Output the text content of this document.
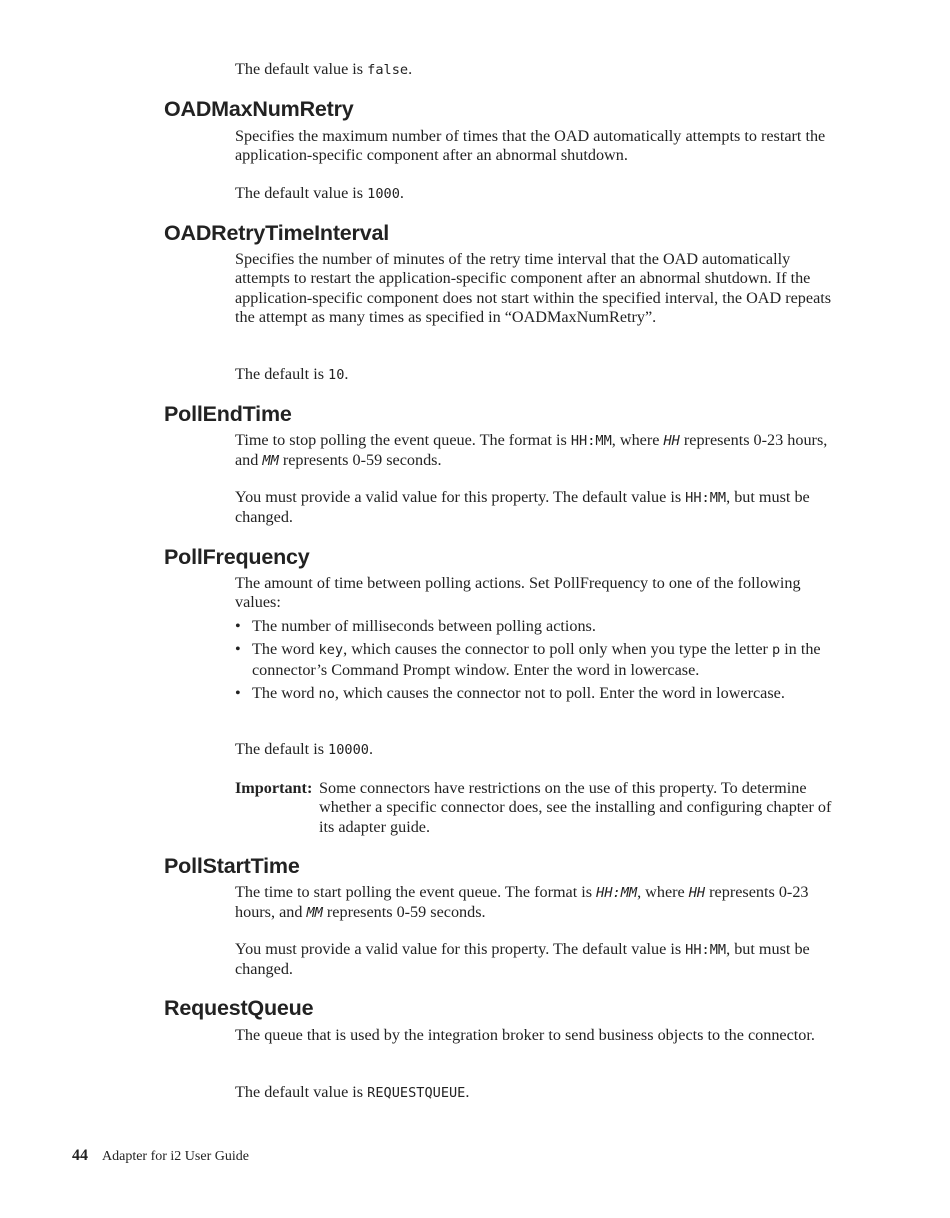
The default value is false.

OADMaxNumRetry

Specifies the maximum number of times that the OAD automatically attempts to restart the application-specific component after an abnormal shutdown.

The default value is 1000.

OADRetryTimeInterval

Specifies the number of minutes of the retry time interval that the OAD automatically attempts to restart the application-specific component after an abnormal shutdown. If the application-specific component does not start within the specified interval, the OAD repeats the attempt as many times as specified in “OADMaxNumRetry”.

The default is 10.

PollEndTime

Time to stop polling the event queue. The format is HH:MM, where HH represents 0-23 hours, and MM represents 0-59 seconds.

You must provide a valid value for this property. The default value is HH:MM, but must be changed.

PollFrequency

The amount of time between polling actions. Set PollFrequency to one of the following values:

• The number of milliseconds between polling actions.
• The word key, which causes the connector to poll only when you type the letter p in the connector’s Command Prompt window. Enter the word in lowercase.
• The word no, which causes the connector not to poll. Enter the word in lowercase.

The default is 10000.

Important: Some connectors have restrictions on the use of this property. To determine whether a specific connector does, see the installing and configuring chapter of its adapter guide.
PollStartTime

The time to start polling the event queue. The format is HH:MM, where HH represents 0-23 hours, and MM represents 0-59 seconds.

You must provide a valid value for this property. The default value is HH:MM, but must be changed.

RequestQueue

The queue that is used by the integration broker to send business objects to the connector.

The default value is REQUESTQUEUE.

44 Adapter for i2 User Guide
